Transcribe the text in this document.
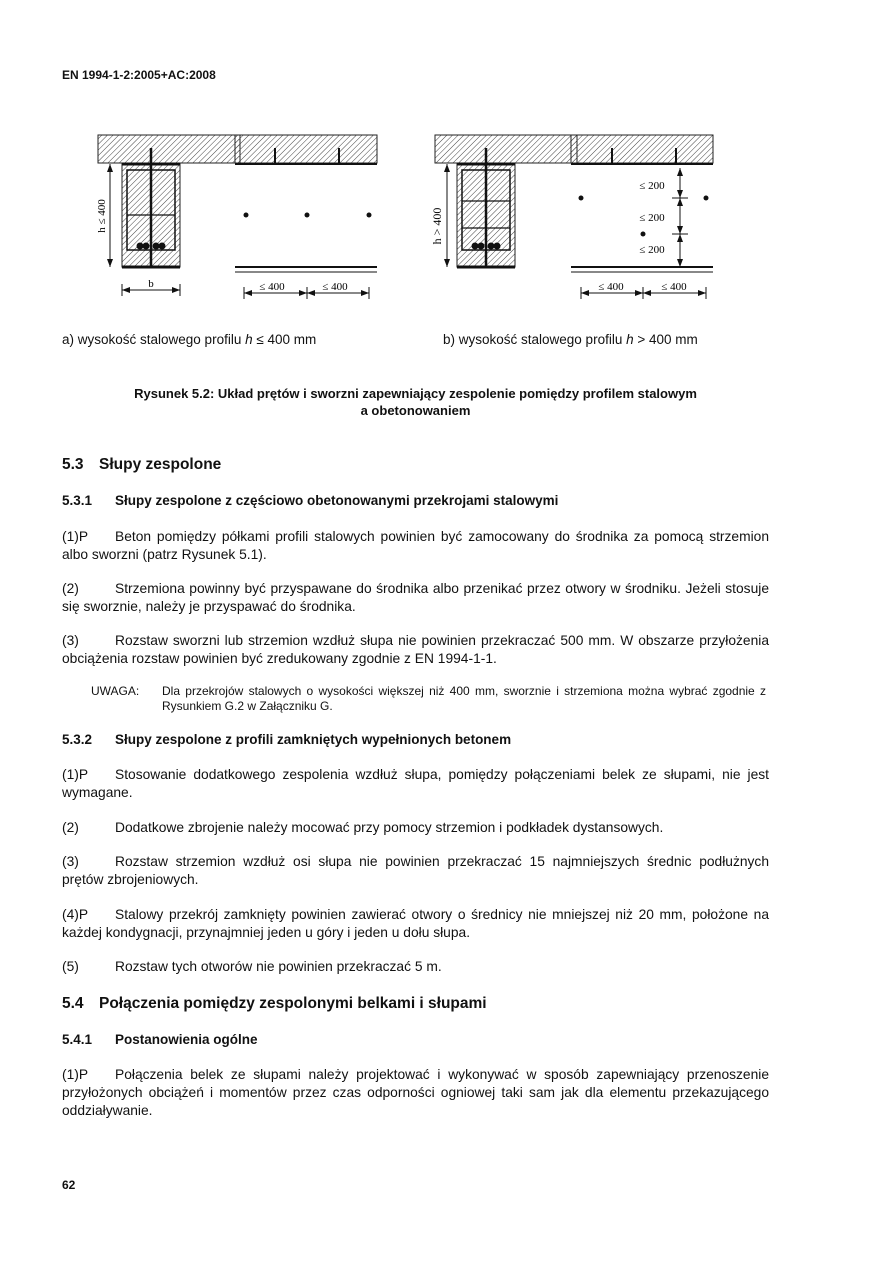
EN 1994-1-2:2005+AC:2008
h ≤ 400
b	≤ 400	≤ 400
h > 400
≤ 200
≤ 200
≤ 200
≤ 400	≤ 400
a) wysokość stalowego profilu h ≤ 400 mm	b) wysokość stalowego profilu h > 400 mm
Rysunek 5.2: Układ prętów i sworzni zapewniający zespolenie pomiędzy profilem stalowym
a obetonowaniem
5.3 Słupy zespolone
5.3.1 Słupy zespolone z częściowo obetonowanymi przekrojami stalowymi
(1)P Beton pomiędzy półkami profili stalowych powinien być zamocowany do środnika za pomocą strzemion albo sworzni (patrz Rysunek 5.1).
(2)	Strzemiona powinny być przyspawane do środnika albo przenikać przez otwory w środniku. Jeżeli stosuje się sworznie, należy je przyspawać do środnika.
(3)	Rozstaw sworzni lub strzemion wzdłuż słupa nie powinien przekraczać 500 mm. W obszarze przyłożenia obciążenia rozstaw powinien być zredukowany zgodnie z EN 1994-1-1.
UWAGA: Dla przekrojów stalowych o wysokości większej niż 400 mm, sworznie i strzemiona można wybrać zgodnie z Rysunkiem G.2 w Załączniku G.
5.3.2 Słupy zespolone z profili zamkniętych wypełnionych betonem
(1)P Stosowanie dodatkowego zespolenia wzdłuż słupa, pomiędzy połączeniami belek ze słupami, nie jest wymagane.
(2)	Dodatkowe zbrojenie należy mocować przy pomocy strzemion i podkładek dystansowych.
(3)	Rozstaw strzemion wzdłuż osi słupa nie powinien przekraczać 15 najmniejszych średnic podłużnych prętów zbrojeniowych.
(4)P Stalowy przekrój zamknięty powinien zawierać otwory o średnicy nie mniejszej niż 20 mm, położone na każdej kondygnacji, przynajmniej jeden u góry i jeden u dołu słupa.
(5)	Rozstaw tych otworów nie powinien przekraczać 5 m.
5.4 Połączenia pomiędzy zespolonymi belkami i słupami
5.4.1 Postanowienia ogólne
(1)P Połączenia belek ze słupami należy projektować i wykonywać w sposób zapewniający przenoszenie przyłożonych obciążeń i momentów przez czas odporności ogniowej taki sam jak dla elementu przekazującego oddziaływanie.
62
